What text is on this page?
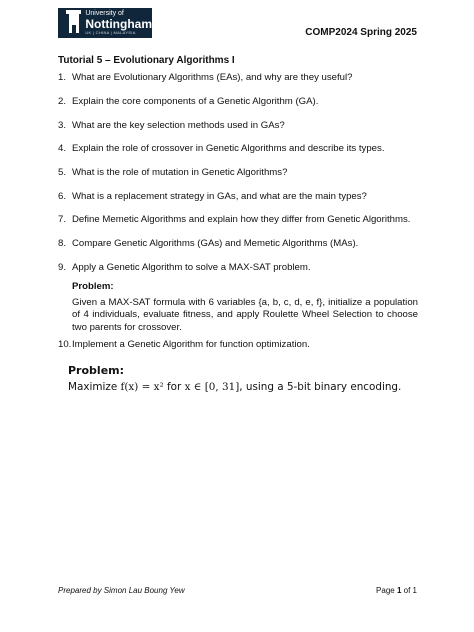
University of
Nottingham
UK | CHINA | MALAYSIA	COMP2024 Spring 2025
Tutorial 5 – Evolutionary Algorithms I
1. What are Evolutionary Algorithms (EAs), and why are they useful?
2. Explain the core components of a Genetic Algorithm (GA).
3. What are the key selection methods used in GAs?
4. Explain the role of crossover in Genetic Algorithms and describe its types.
5. What is the role of mutation in Genetic Algorithms?
6. What is a replacement strategy in GAs, and what are the main types?
7. Define Memetic Algorithms and explain how they differ from Genetic Algorithms.
8. Compare Genetic Algorithms (GAs) and Memetic Algorithms (MAs).
9. Apply a Genetic Algorithm to solve a MAX-SAT problem.
Problem:
Given a MAX-SAT formula with 6 variables {a, b, c, d, e, f}, initialize a population of 4 individuals, evaluate fitness, and apply Roulette Wheel Selection to choose two parents for crossover.
10. Implement a Genetic Algorithm for function optimization.
Problem:
Maximize f(x) = x² for x ∈ [0, 31], using a 5-bit binary encoding.
Prepared by Simon Lau Boung Yew	Page 1 of 1
